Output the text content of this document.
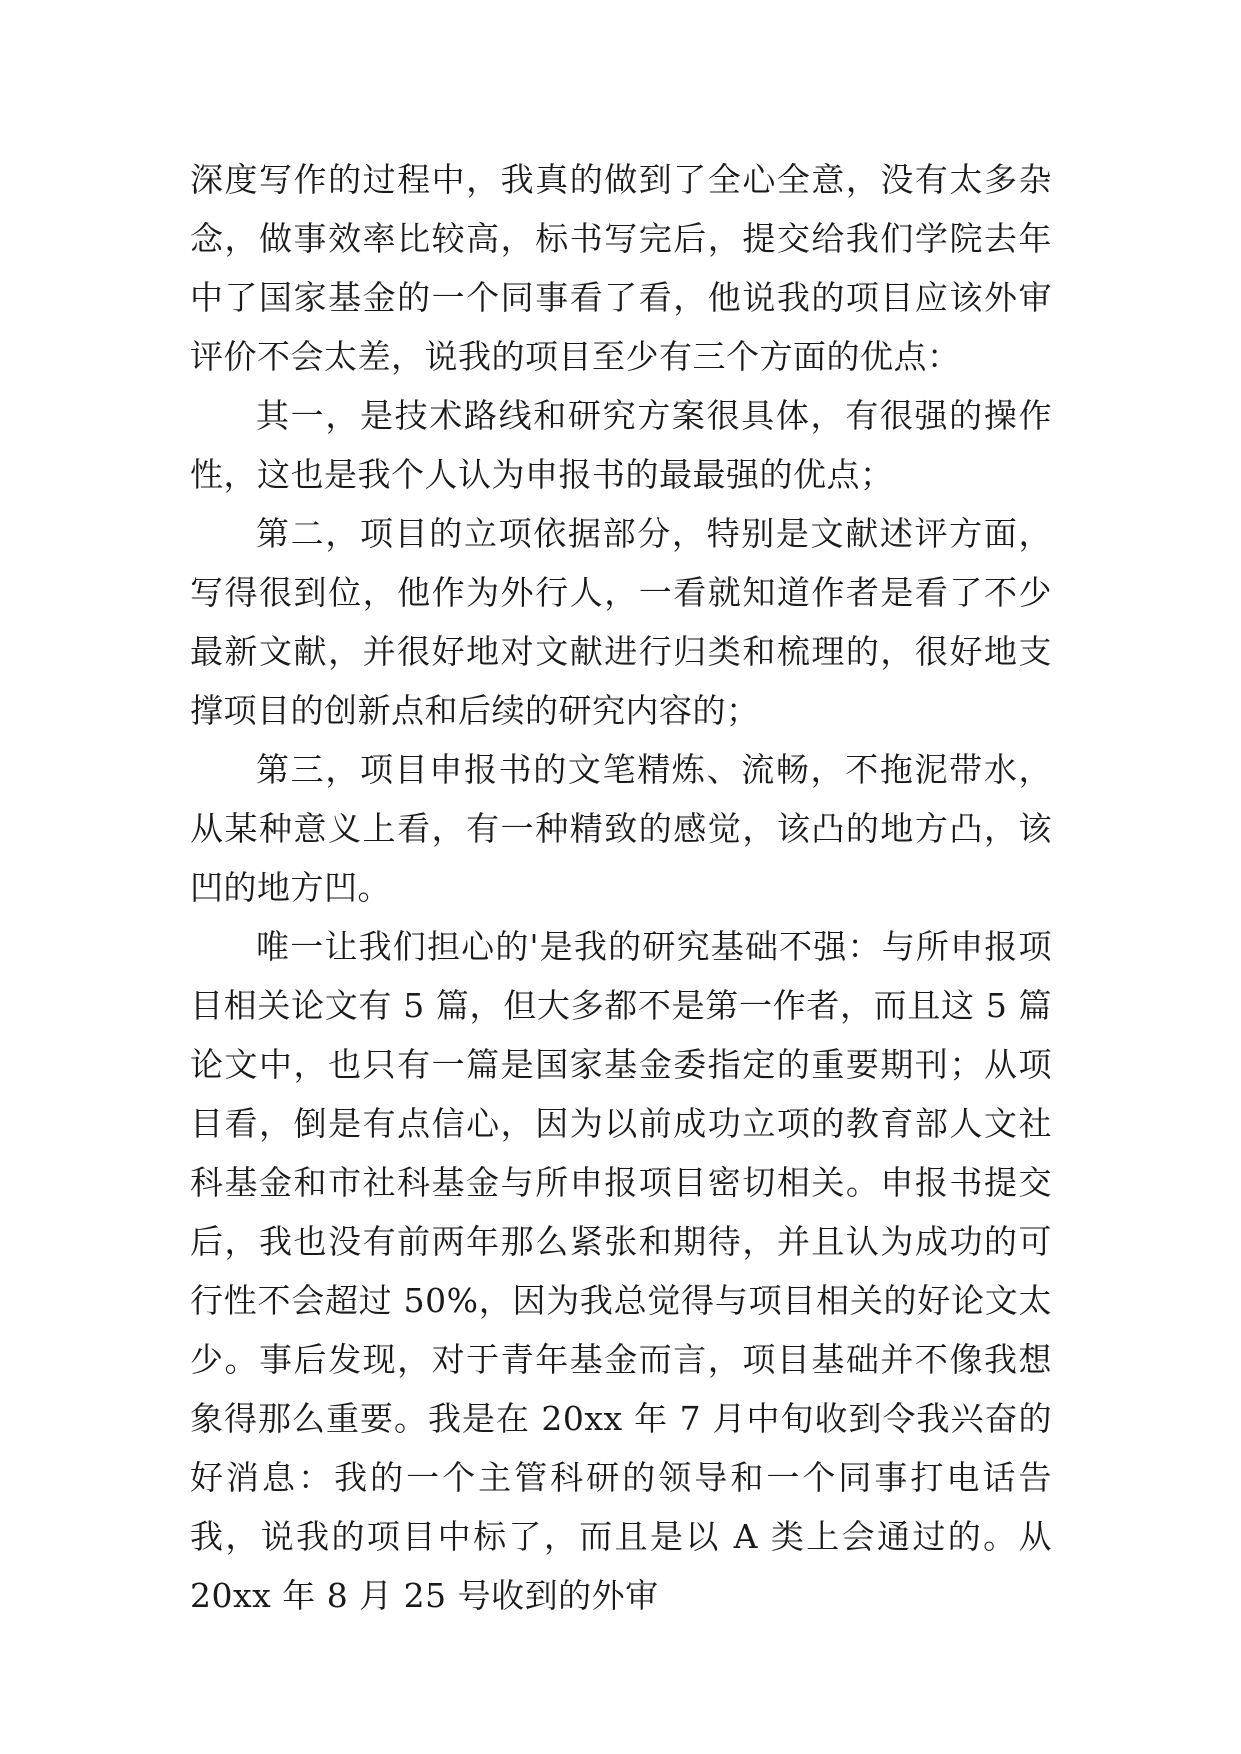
深度写作的过程中，我真的做到了全心全意，没有太多杂念，做事效率比较高，标书写完后，提交给我们学院去年中了国家基金的一个同事看了看，他说我的项目应该外审评价不会太差，说我的项目至少有三个方面的优点：

其一，是技术路线和研究方案很具体，有很强的操作性，这也是我个人认为申报书的最最强的优点；

第二，项目的立项依据部分，特别是文献述评方面，写得很到位，他作为外行人，一看就知道作者是看了不少最新文献，并很好地对文献进行归类和梳理的，很好地支撑项目的创新点和后续的研究内容的；

第三，项目申报书的文笔精炼、流畅，不拖泥带水，从某种意义上看，有一种精致的感觉，该凸的地方凸，该凹的地方凹。

唯一让我们担心的'是我的研究基础不强：与所申报项目相关论文有 5 篇，但大多都不是第一作者，而且这 5 篇论文中，也只有一篇是国家基金委指定的重要期刊；从项目看，倒是有点信心，因为以前成功立项的教育部人文社科基金和市社科基金与所申报项目密切相关。申报书提交后，我也没有前两年那么紧张和期待，并且认为成功的可行性不会超过 50%，因为我总觉得与项目相关的好论文太少。事后发现，对于青年基金而言，项目基础并不像我想象得那么重要。我是在 20xx 年 7 月中旬收到令我兴奋的好消息：我的一个主管科研的领导和一个同事打电话告我，说我的项目中标了，而且是以 A 类上会通过的。从 20xx 年 8 月 25 号收到的外审
